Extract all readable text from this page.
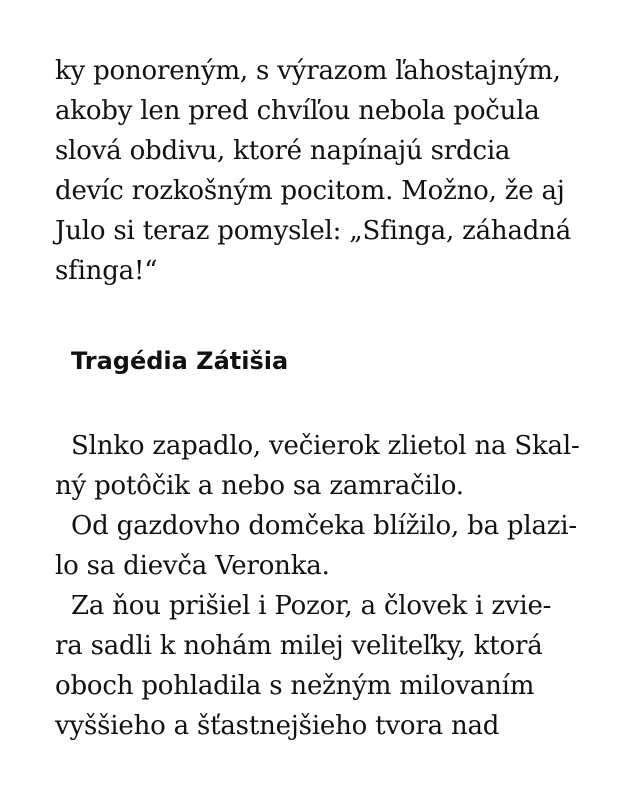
ky ponoreným, s výrazom ľahostajným,
akoby len pred chvíľou nebola počula
slová obdivu, ktoré napínajú srdcia
devíc rozkošným pocitom. Možno, že aj
Julo si teraz pomyslel: „Sfinga, záhadná
sfinga!“
Tragédia Zátišia
Slnko zapadlo, večierok zlietol na Skal-
ný potôčik a nebo sa zamračilo.
Od gazdovho domčeka blížilo, ba plazi-
lo sa dievča Veronka.
Za ňou prišiel i Pozor, a človek i zvie-
ra sadli k nohám milej veliteľky, ktorá
oboch pohladila s nežným milovaním
vyššieho a šťastnejšieho tvora nad
